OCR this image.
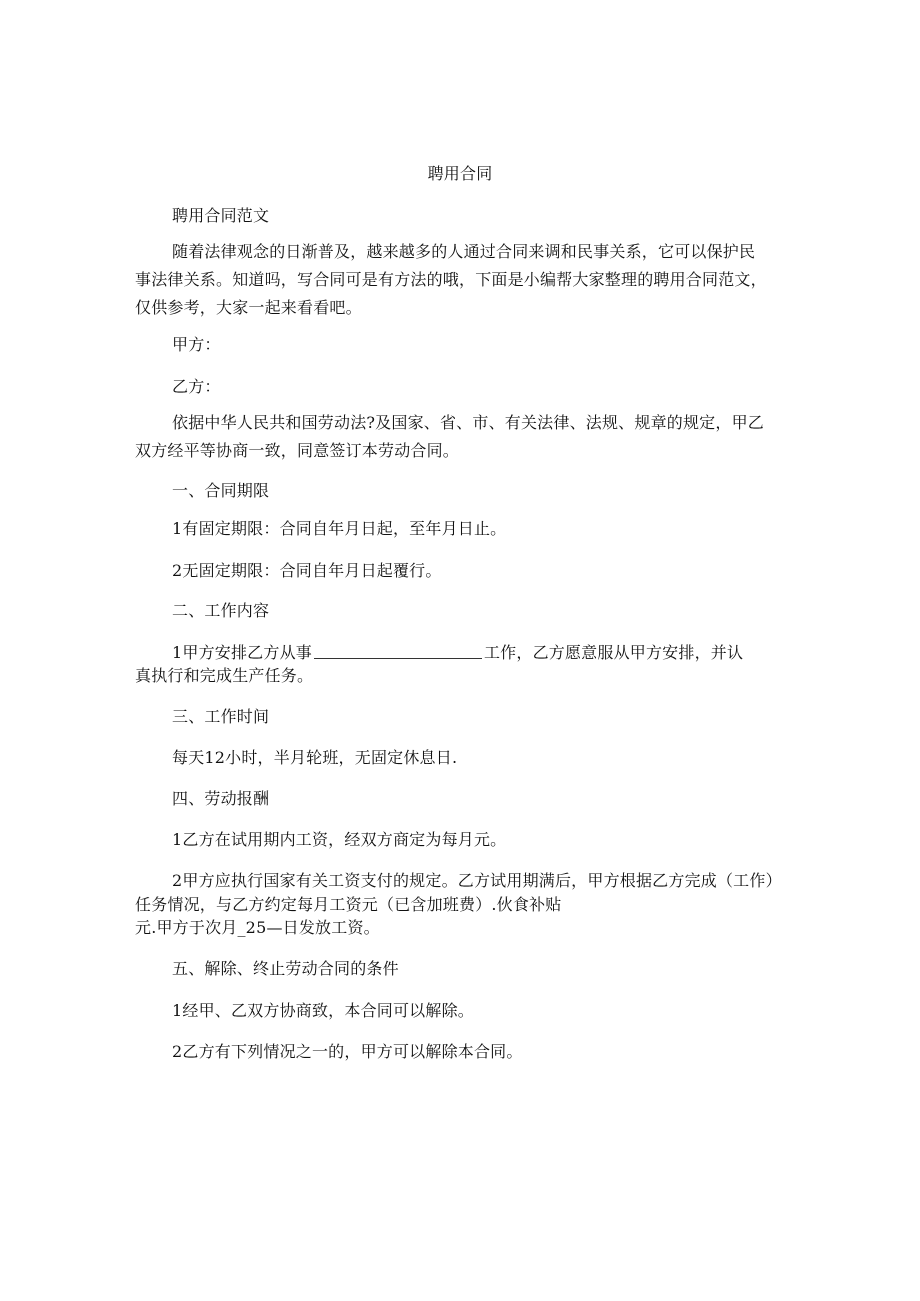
聘用合同
聘用合同范文
随着法律观念的日渐普及，越来越多的人通过合同来调和民事关系，它可以保护民
事法律关系。知道吗，写合同可是有方法的哦，下面是小编帮大家整理的聘用合同范文，
仅供参考，大家一起来看看吧。
甲方：
乙方：
依据中华人民共和国劳动法?及国家、省、市、有关法律、法规、规章的规定，甲乙
双方经平等协商一致，同意签订本劳动合同。
一、合同期限
1有固定期限：合同自年月日起，至年月日止。
2无固定期限：合同自年月日起覆行。
二、工作内容
1甲方安排乙方从事	工作，乙方愿意服从甲方安排，并认
真执行和完成生产任务。
三、工作时间
每天12小时，半月轮班，无固定休息日.
四、劳动报酬
1乙方在试用期内工资，经双方商定为每月元。
2甲方应执行国家有关工资支付的规定。乙方试用期满后，甲方根据乙方完成（工作）
任务情况，与乙方约定每月工资元（已含加班费）.伙食补贴
元.甲方于次月_25—日发放工资。
五、解除、终止劳动合同的条件
1经甲、乙双方协商致，本合同可以解除。
2乙方有下列情况之一的，甲方可以解除本合同。
